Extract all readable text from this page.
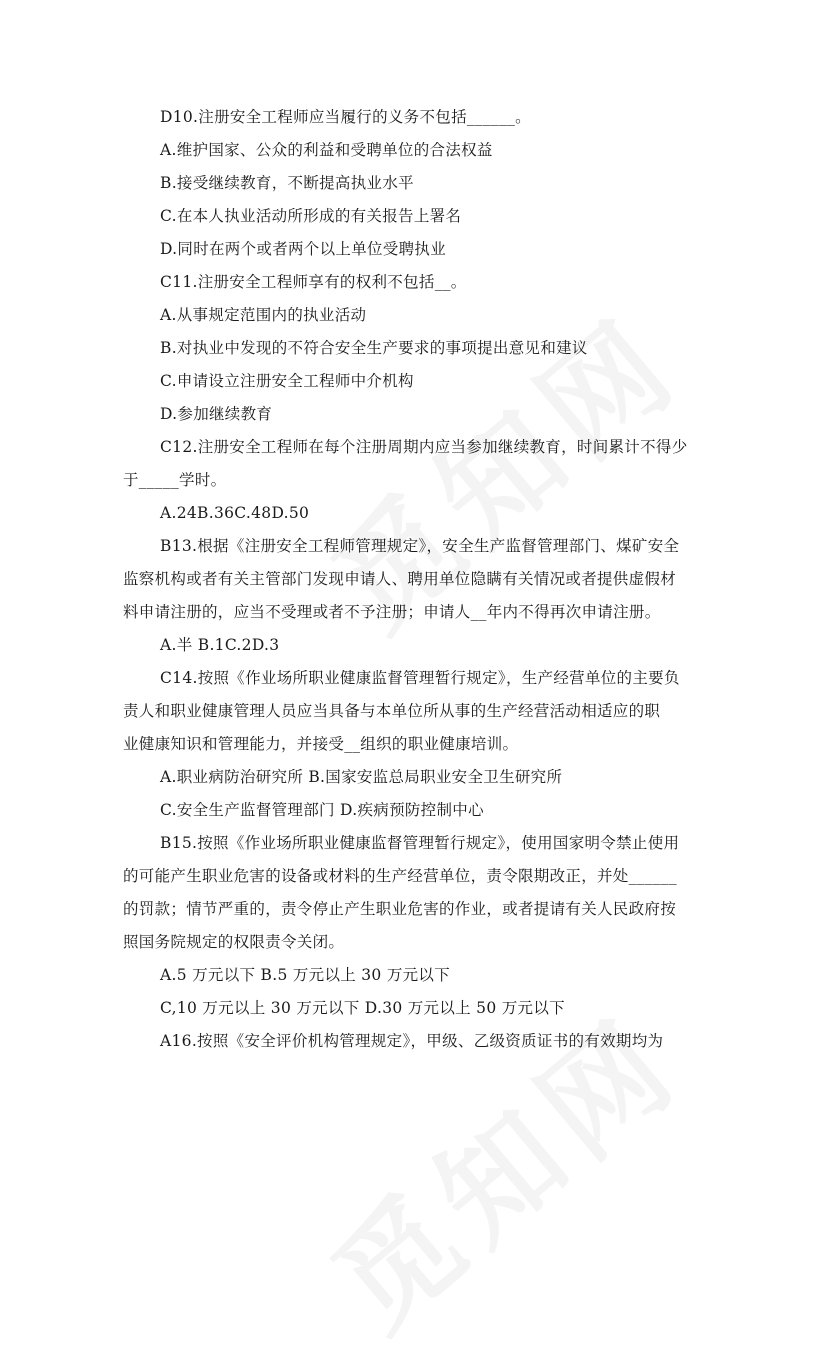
D10.注册安全工程师应当履行的义务不包括______。
A.维护国家、公众的利益和受聘单位的合法权益
B.接受继续教育，不断提高执业水平
C.在本人执业活动所形成的有关报告上署名
D.同时在两个或者两个以上单位受聘执业
C11.注册安全工程师享有的权利不包括__。
A.从事规定范围内的执业活动
B.对执业中发现的不符合安全生产要求的事项提出意见和建议
C.申请设立注册安全工程师中介机构
D.参加继续教育
C12.注册安全工程师在每个注册周期内应当参加继续教育，时间累计不得少
于_____学时。
A.24B.36C.48D.50
B13.根据《注册安全工程师管理规定》，安全生产监督管理部门、煤矿安全
监察机构或者有关主管部门发现申请人、聘用单位隐瞒有关情况或者提供虚假材
料申请注册的，应当不受理或者不予注册；申请人__年内不得再次申请注册。
A.半 B.1C.2D.3
C14.按照《作业场所职业健康监督管理暂行规定》，生产经营单位的主要负
责人和职业健康管理人员应当具备与本单位所从事的生产经营活动相适应的职
业健康知识和管理能力，并接受__组织的职业健康培训。
A.职业病防治研究所 B.国家安监总局职业安全卫生研究所
C.安全生产监督管理部门 D.疾病预防控制中心
B15.按照《作业场所职业健康监督管理暂行规定》，使用国家明令禁止使用
的可能产生职业危害的设备或材料的生产经营单位，责令限期改正，并处______
的罚款；情节严重的，责令停止产生职业危害的作业，或者提请有关人民政府按
照国务院规定的权限责令关闭。
A.5 万元以下 B.5 万元以上 30 万元以下
C,10 万元以上 30 万元以下 D.30 万元以上 50 万元以下
A16.按照《安全评价机构管理规定》，甲级、乙级资质证书的有效期均为
